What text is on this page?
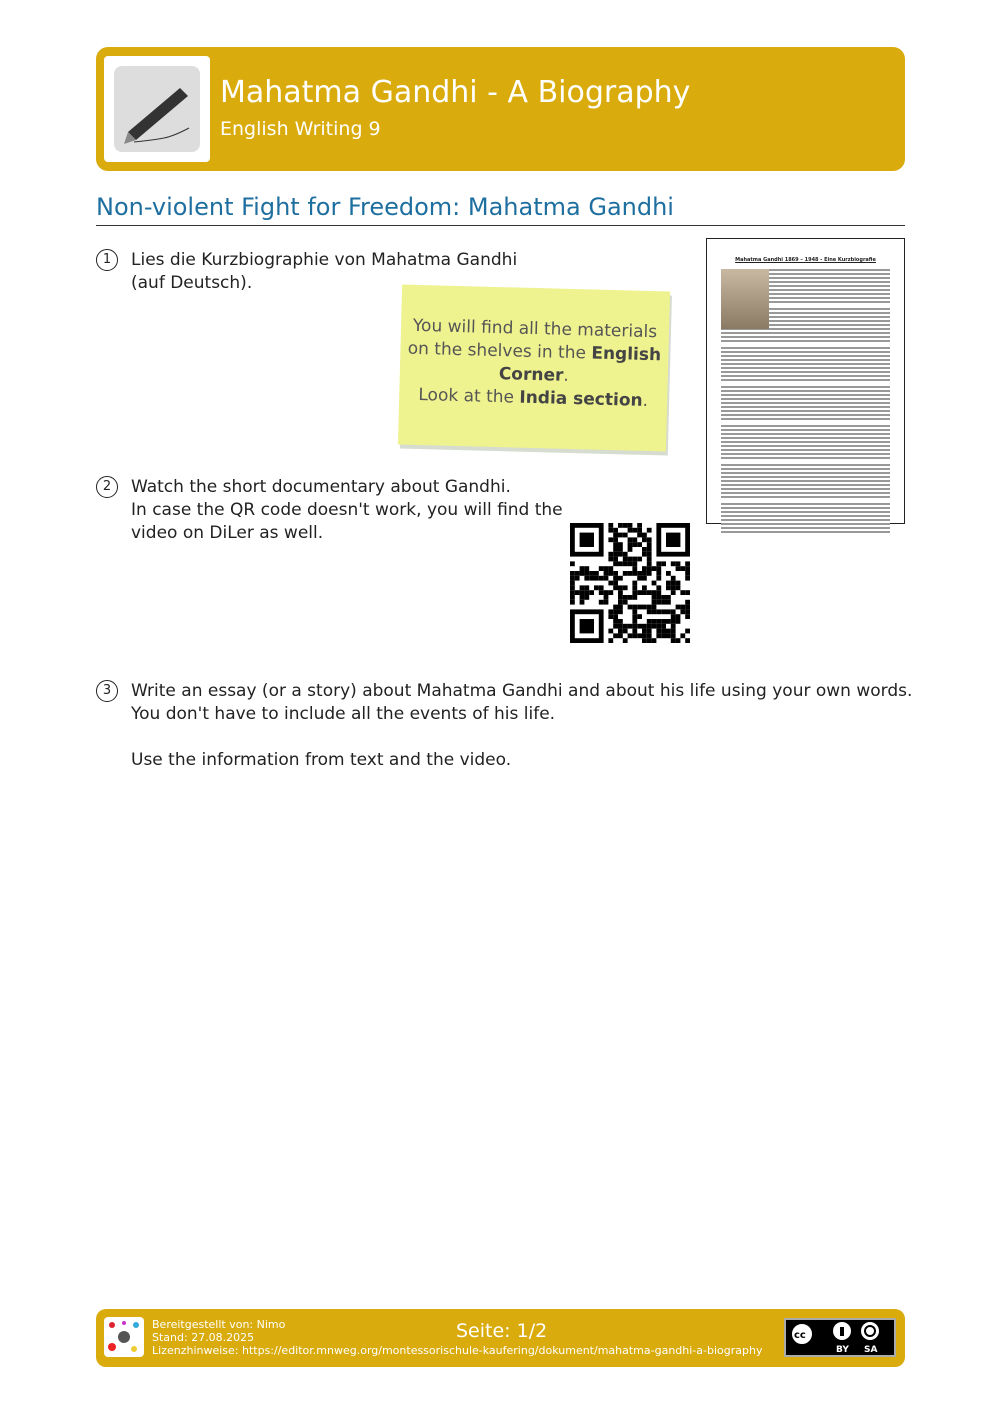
Mahatma Gandhi - A Biography
English Writing 9
Non-violent Fight for Freedom: Mahatma Gandhi
1	Lies die Kurzbiographie von Mahatma Gandhi
(auf Deutsch).
You will find all the materials
on the shelves in the English
Corner.
Look at the India section.
Mahatma Gandhi 1869 – 1948 - Eine Kurzbiografie
2	Watch the short documentary about Gandhi.
In case the QR code doesn't work, you will find the
video on DiLer as well.
3	Write an essay (or a story) about Mahatma Gandhi and about his life using your own words.
You don't have to include all the events of his life.
Use the information from text and the video.
Bereitgestellt von: Nimo
Stand: 27.08.2025
Lizenzhinweise: https://editor.mnweg.org/montessorischule-kaufering/dokument/mahatma-gandhi-a-biography
Seite: 1/2	cc
BY SA
